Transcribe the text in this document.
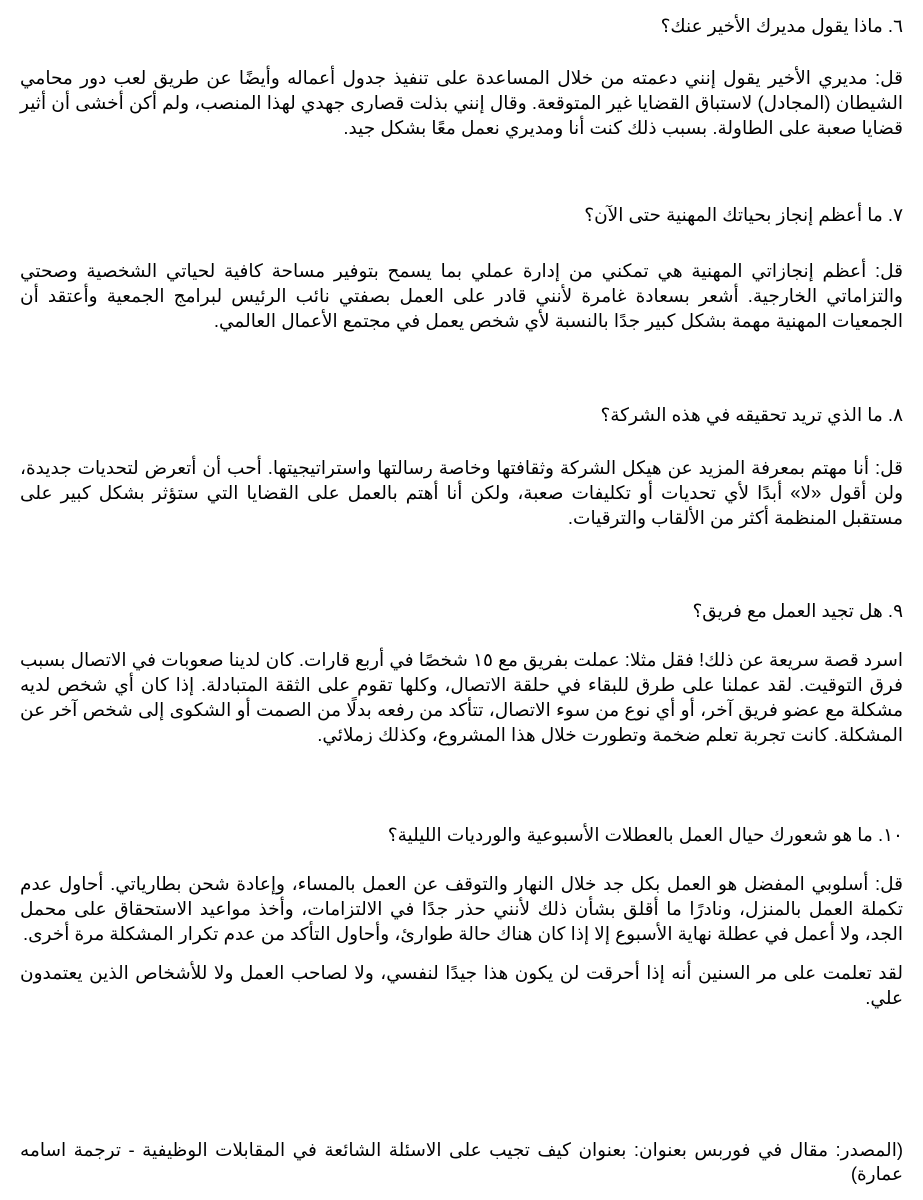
٦. ماذا يقول مديرك الأخير عنك؟

قل: مديري الأخير يقول إنني دعمته من خلال المساعدة على تنفيذ جدول أعماله وأيضًا عن طريق لعب دور محامي الشيطان (المجادل) لاستباق القضايا غير المتوقعة. وقال إنني بذلت قصارى جهدي لهذا المنصب، ولم أكن أخشى أن أثير قضايا صعبة على الطاولة. بسبب ذلك كنت أنا ومديري نعمل معًا بشكل جيد.

٧. ما أعظم إنجاز بحياتك المهنية حتى الآن؟

قل: أعظم إنجازاتي المهنية هي تمكني من إدارة عملي بما يسمح بتوفير مساحة كافية لحياتي الشخصية وصحتي والتزاماتي الخارجية. أشعر بسعادة غامرة لأنني قادر على العمل بصفتي نائب الرئيس لبرامج الجمعية وأعتقد أن الجمعيات المهنية مهمة بشكل كبير جدًا بالنسبة لأي شخص يعمل في مجتمع الأعمال العالمي.

٨. ما الذي تريد تحقيقه في هذه الشركة؟

قل: أنا مهتم بمعرفة المزيد عن هيكل الشركة وثقافتها وخاصة رسالتها واستراتيجيتها. أحب أن أتعرض لتحديات جديدة، ولن أقول «لا» أبدًا لأي تحديات أو تكليفات صعبة، ولكن أنا أهتم بالعمل على القضايا التي ستؤثر بشكل كبير على مستقبل المنظمة أكثر من الألقاب والترقيات.

٩. هل تجيد العمل مع فريق؟

اسرد قصة سريعة عن ذلك! فقل مثلا: عملت بفريق مع ١٥ شخصًا في أربع قارات. كان لدينا صعوبات في الاتصال بسبب فرق التوقيت. لقد عملنا على طرق للبقاء في حلقة الاتصال، وكلها تقوم على الثقة المتبادلة. إذا كان أي شخص لديه مشكلة مع عضو فريق آخر، أو أي نوع من سوء الاتصال، تتأكد من رفعه بدلًا من الصمت أو الشكوى إلى شخص آخر عن المشكلة. كانت تجربة تعلم ضخمة وتطورت خلال هذا المشروع، وكذلك زملائي.

١٠. ما هو شعورك حيال العمل بالعطلات الأسبوعية والورديات الليلية؟

قل: أسلوبي المفضل هو العمل بكل جد خلال النهار والتوقف عن العمل بالمساء، وإعادة شحن بطارياتي. أحاول عدم تكملة العمل بالمنزل، ونادرًا ما أقلق بشأن ذلك لأنني حذر جدًا في الالتزامات، وأخذ مواعيد الاستحقاق على محمل الجد، ولا أعمل في عطلة نهاية الأسبوع إلا إذا كان هناك حالة طوارئ، وأحاول التأكد من عدم تكرار المشكلة مرة أخرى.

لقد تعلمت على مر السنين أنه إذا أحرقت لن يكون هذا جيدًا لنفسي، ولا لصاحب العمل ولا للأشخاص الذين يعتمدون علي.

(المصدر: مقال في فوربس بعنوان: بعنوان كيف تجيب على الاسئلة الشائعة في المقابلات الوظيفية - ترجمة اسامه عمارة)
